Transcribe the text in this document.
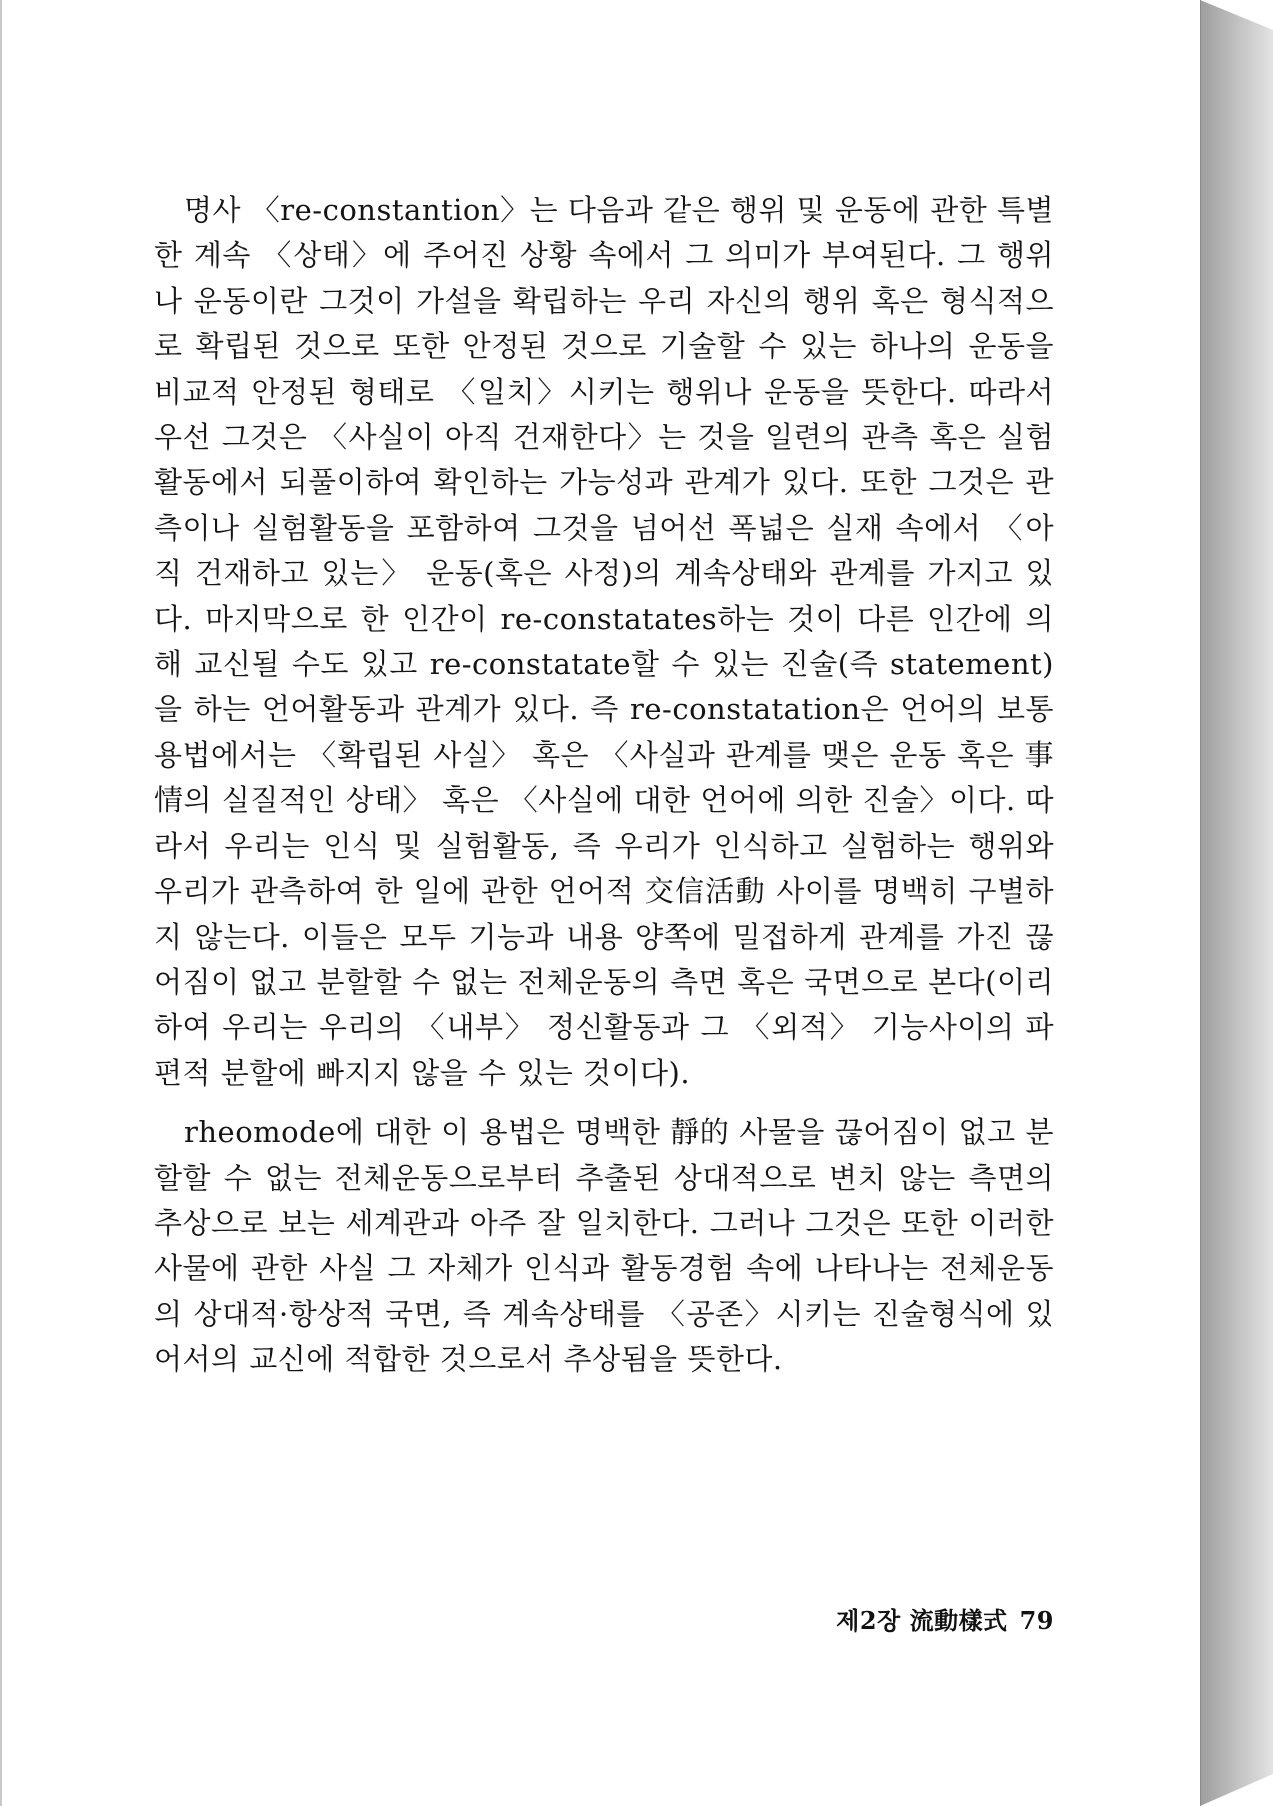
명사 〈re-constantion〉는 다음과 같은 행위 및 운동에 관한 특별한 계속 〈상태〉에 주어진 상황 속에서 그 의미가 부여된다. 그 행위나 운동이란 그것이 가설을 확립하는 우리 자신의 행위 혹은 형식적으로 확립된 것으로 또한 안정된 것으로 기술할 수 있는 하나의 운동을 비교적 안정된 형태로 〈일치〉시키는 행위나 운동을 뜻한다. 따라서 우선 그것은 〈사실이 아직 건재한다〉는 것을 일련의 관측 혹은 실험 활동에서 되풀이하여 확인하는 가능성과 관계가 있다. 또한 그것은 관측이나 실험활동을 포함하여 그것을 넘어선 폭넓은 실재 속에서 〈아직 건재하고 있는〉 운동(혹은 사정)의 계속상태와 관계를 가지고 있다. 마지막으로 한 인간이 re-constatates하는 것이 다른 인간에 의해 교신될 수도 있고 re-constatate할 수 있는 진술(즉 statement)을 하는 언어활동과 관계가 있다. 즉 re-constatation은 언어의 보통용법에서는 〈확립된 사실〉 혹은 〈사실과 관계를 맺은 운동 혹은 事情의 실질적인 상태〉 혹은 〈사실에 대한 언어에 의한 진술〉이다. 따라서 우리는 인식 및 실험활동, 즉 우리가 인식하고 실험하는 행위와 우리가 관측하여 한 일에 관한 언어적 交信活動 사이를 명백히 구별하지 않는다. 이들은 모두 기능과 내용 양쪽에 밀접하게 관계를 가진 끊어짐이 없고 분할할 수 없는 전체운동의 측면 혹은 국면으로 본다(이리하여 우리는 우리의 〈내부〉 정신활동과 그 〈외적〉 기능사이의 파편적 분할에 빠지지 않을 수 있는 것이다).

rheomode에 대한 이 용법은 명백한 靜的 사물을 끊어짐이 없고 분할할 수 없는 전체운동으로부터 추출된 상대적으로 변치 않는 측면의 추상으로 보는 세계관과 아주 잘 일치한다. 그러나 그것은 또한 이러한 사물에 관한 사실 그 자체가 인식과 활동경험 속에 나타나는 전체운동의 상대적·항상적 국면, 즉 계속상태를 〈공존〉시키는 진술형식에 있어서의 교신에 적합한 것으로서 추상됨을 뜻한다.

제2장 流動樣式 79
